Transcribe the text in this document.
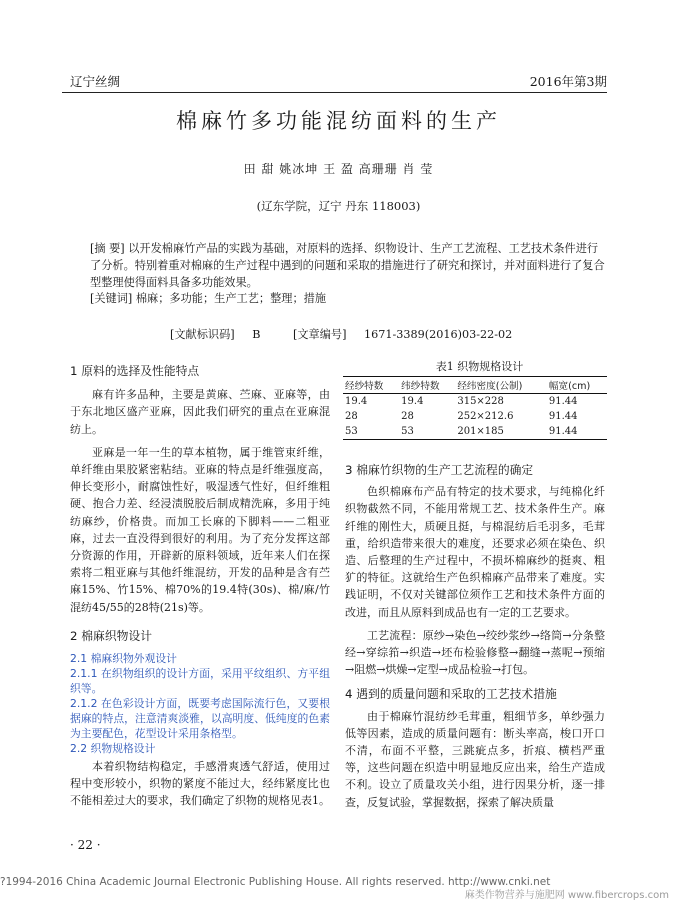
辽宁丝绸	2016年第3期
棉麻竹多功能混纺面料的生产
田 甜 姚冰坤 王 盈 高珊珊 肖 莹
(辽东学院，辽宁 丹东 118003)
[摘 要] 以开发棉麻竹产品的实践为基础，对原料的选择、织物设计、生产工艺流程、工艺技术条件进行了分析。特别着重对棉麻的生产过程中遇到的问题和采取的措施进行了研究和探讨，并对面料进行了复合型整理使得面料具备多功能效果。
[关键词] 棉麻；多功能；生产工艺；整理；措施
[文献标识码] B	[文章编号] 1671-3389(2016)03-22-02

1 原料的选择及性能特点

麻有许多品种，主要是黄麻、苎麻、亚麻等，由于东北地区盛产亚麻，因此我们研究的重点在亚麻混纺上。

亚麻是一年一生的草本植物，属于维管束纤维，单纤维由果胶紧密粘结。亚麻的特点是纤维强度高，伸长变形小，耐腐蚀性好，吸湿透气性好，但纤维粗硬、抱合力差、经浸渍脱胶后制成精洗麻，多用于纯纺麻纱，价格贵。而加工长麻的下脚料——二粗亚麻，过去一直没得到很好的利用。为了充分发挥这部分资源的作用，开辟新的原料领域，近年来人们在探索将二粗亚麻与其他纤维混纺，开发的品种是含有苎麻15%、竹15%、棉70%的19.4特(30s)、棉/麻/竹混纺45/55的28特(21s)等。

2 棉麻织物设计

2.1 棉麻织物外观设计

2.1.1 在织物组织的设计方面，采用平纹组织、方平组织等。

2.1.2 在色彩设计方面，既要考虑国际流行色，又要根据麻的特点，注意清爽淡雅，以高明度、低纯度的色素为主要配色，花型设计采用条格型。

2.2 织物规格设计

本着织物结构稳定，手感滑爽透气舒适，使用过程中变形较小，织物的紧度不能过大，经纬紧度比也不能相差过大的要求，我们确定了织物的规格见表1。

表1 织物规格设计
经纱特数	纬纱特数	经纬密度(公制)	幅宽(cm)
19.4	19.4	315×228	91.44
28	28	252×212.6	91.44
53	53	201×185	91.44

3 棉麻竹织物的生产工艺流程的确定

色织棉麻布产品有特定的技术要求，与纯棉化纤织物截然不同，不能用常规工艺、技术条件生产。麻纤维的刚性大，质硬且挺，与棉混纺后毛羽多，毛茸重，给织造带来很大的难度，还要求必须在染色、织造、后整理的生产过程中，不损坏棉麻纱的挺爽、粗犷的特征。这就给生产色织棉麻产品带来了难度。实践证明，不仅对关键部位须作工艺和技术条件方面的改进，而且从原料到成品也有一定的工艺要求。

工艺流程：原纱→染色→绞纱浆纱→络筒→分条整经→穿综筘→织造→坯布检验修整→翻缝→蒸呢→预缩→阻燃→烘燥→定型→成品检验→打包。

4 遇到的质量问题和采取的工艺技术措施

由于棉麻竹混纺纱毛茸重，粗细节多，单纱强力低等因素，造成的质量问题有：断头率高，梭口开口不清，布面不平整，三跳疵点多，折痕、横档严重等，这些问题在织造中明显地反应出来，给生产造成不利。设立了质量攻关小组，进行因果分析，逐一排查，反复试验，掌握数据，探索了解决质量

· 22 ·
?1994-2016 China Academic Journal Electronic Publishing House. All rights reserved. http://www.cnki.net
麻类作物营养与施肥网 www.fibercrops.com
